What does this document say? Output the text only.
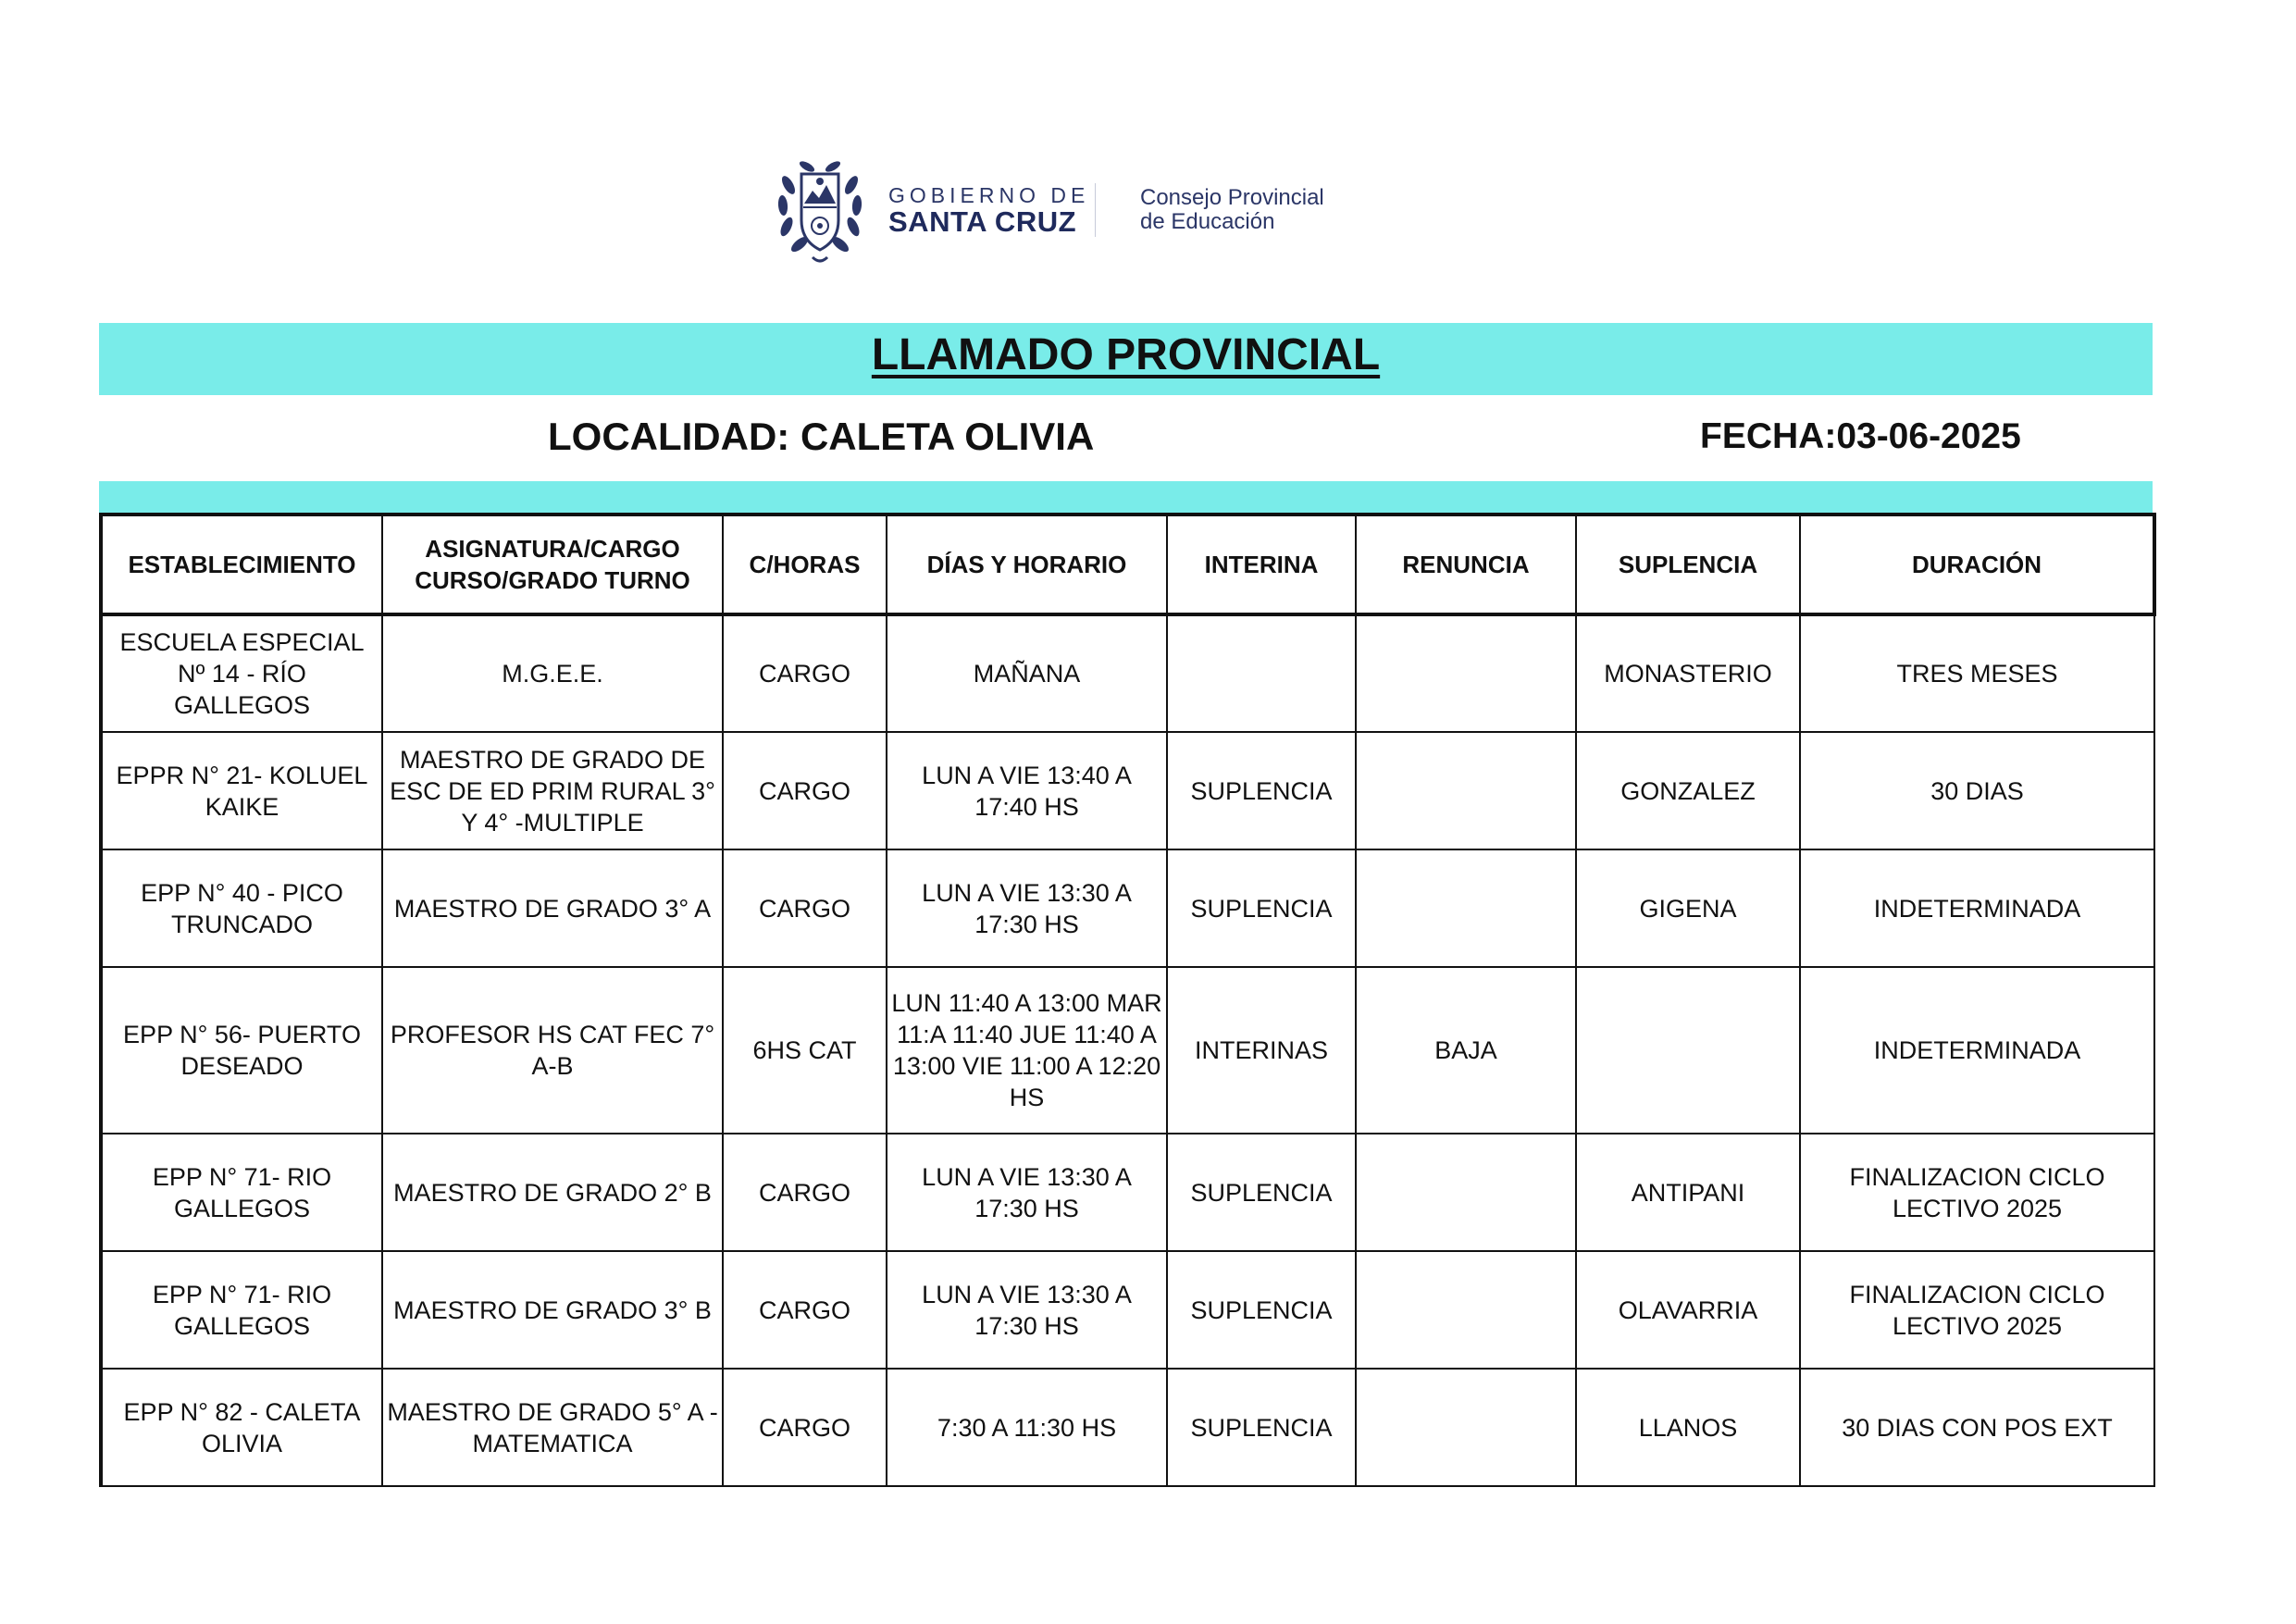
GOBIERNO DE
SANTA CRUZ
Consejo Provincial
de Educación
LLAMADO PROVINCIAL
LOCALIDAD: CALETA OLIVIA	FECHA:03-06-2025
ESTABLECIMIENTO	ASIGNATURA/CARGO CURSO/GRADO TURNO	C/HORAS	DÍAS Y HORARIO	INTERINA	RENUNCIA	SUPLENCIA	DURACIÓN
ESCUELA ESPECIAL Nº 14 - RÍO GALLEGOS	M.G.E.E.	CARGO	MAÑANA			MONASTERIO	TRES MESES
EPPR N° 21- KOLUEL KAIKE	MAESTRO DE GRADO DE ESC DE ED PRIM RURAL 3° Y 4° -MULTIPLE	CARGO	LUN A VIE 13:40 A 17:40 HS	SUPLENCIA		GONZALEZ	30 DIAS
EPP N° 40 - PICO TRUNCADO	MAESTRO DE GRADO 3° A	CARGO	LUN A VIE 13:30 A 17:30 HS	SUPLENCIA		GIGENA	INDETERMINADA
EPP N° 56- PUERTO DESEADO	PROFESOR HS CAT FEC 7° A-B	6HS CAT	LUN 11:40 A 13:00 MAR 11:A 11:40 JUE 11:40 A 13:00 VIE 11:00 A 12:20 HS	INTERINAS	BAJA		INDETERMINADA
EPP N° 71- RIO GALLEGOS	MAESTRO DE GRADO 2° B	CARGO	LUN A VIE 13:30 A 17:30 HS	SUPLENCIA		ANTIPANI	FINALIZACION CICLO LECTIVO 2025
EPP N° 71- RIO GALLEGOS	MAESTRO DE GRADO 3° B	CARGO	LUN A VIE 13:30 A 17:30 HS	SUPLENCIA		OLAVARRIA	FINALIZACION CICLO LECTIVO 2025
EPP N° 82 - CALETA OLIVIA	MAESTRO DE GRADO 5° A - MATEMATICA	CARGO	7:30 A 11:30 HS	SUPLENCIA		LLANOS	30 DIAS CON POS EXT
